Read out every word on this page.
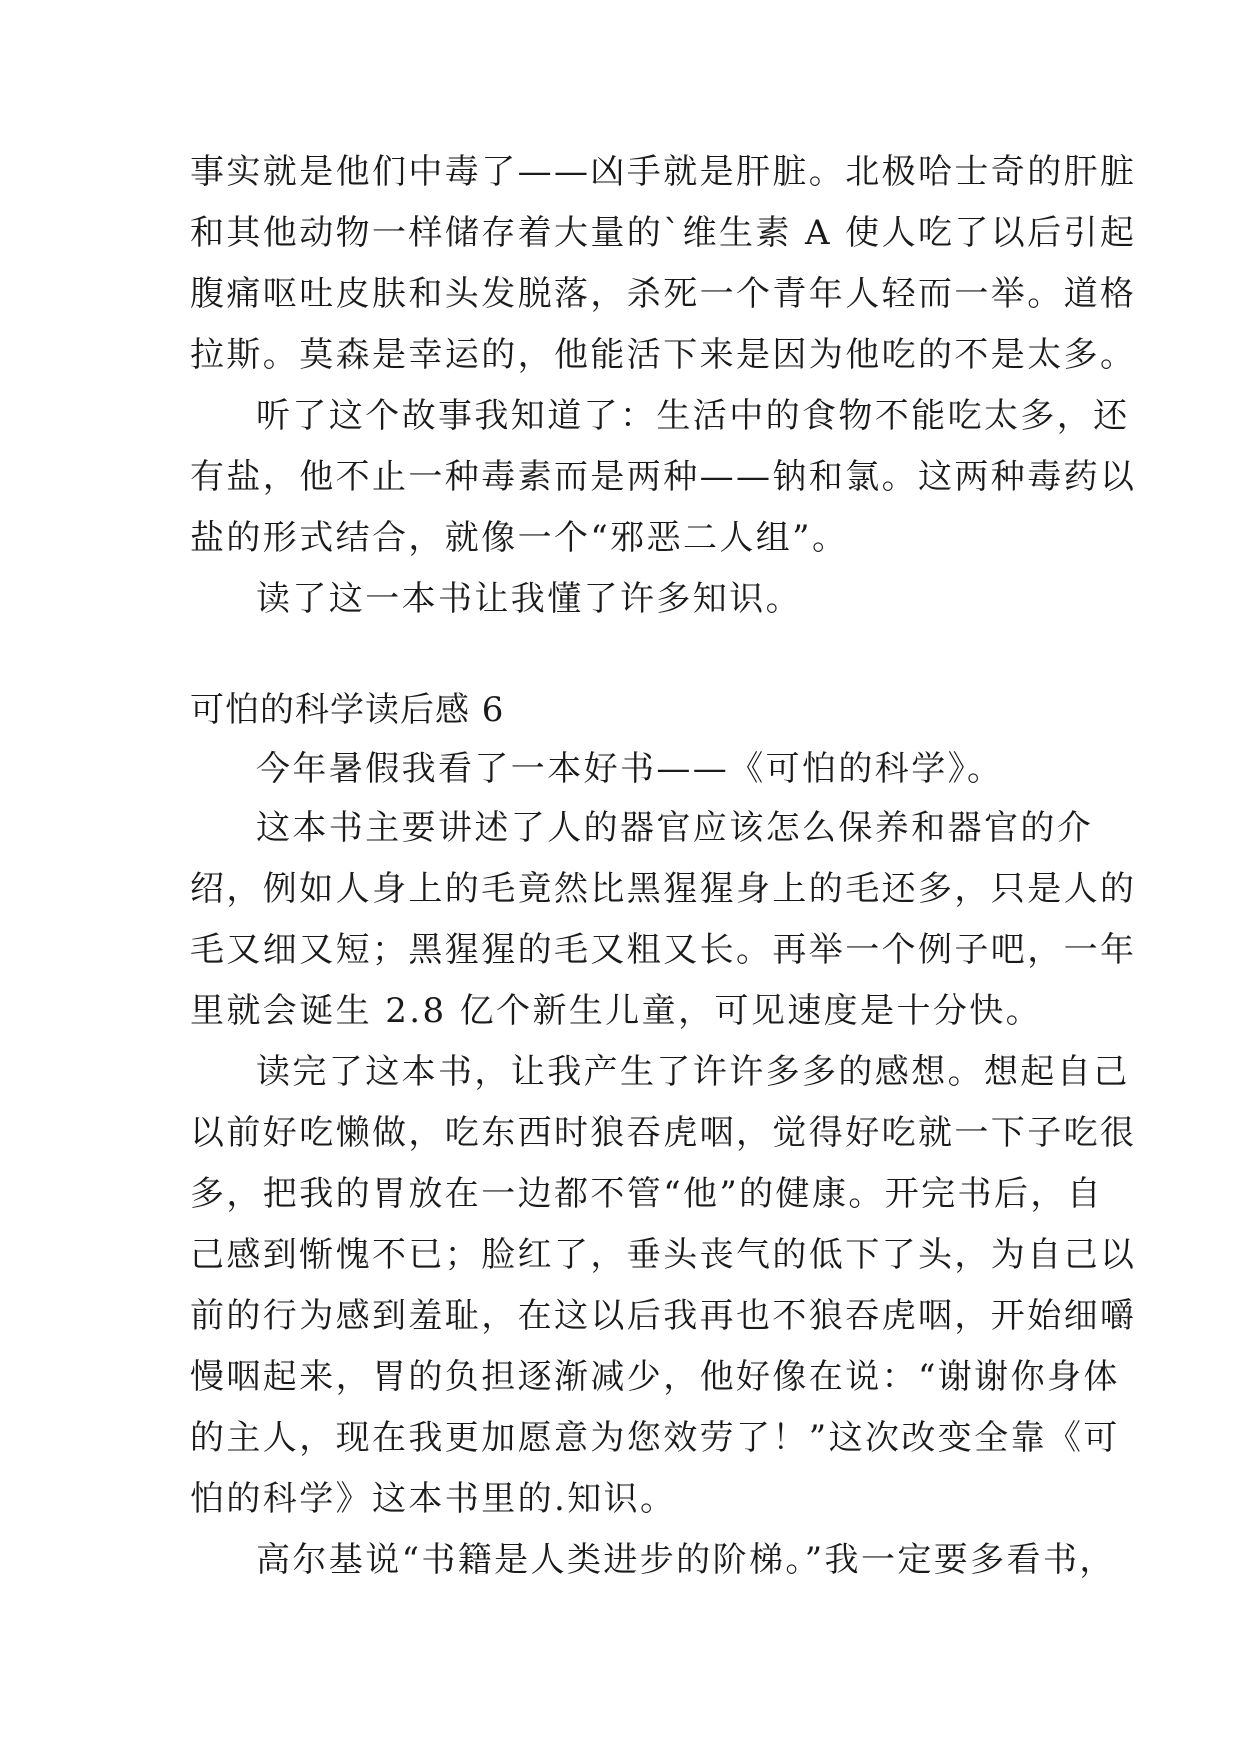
事实就是他们中毒了——凶手就是肝脏。北极哈士奇的肝脏
和其他动物一样储存着大量的`维生素 A 使人吃了以后引起
腹痛呕吐皮肤和头发脱落，杀死一个青年人轻而一举。道格
拉斯。莫森是幸运的，他能活下来是因为他吃的不是太多。
听了这个故事我知道了：生活中的食物不能吃太多，还
有盐，他不止一种毒素而是两种——钠和氯。这两种毒药以
盐的形式结合，就像一个“邪恶二人组”。
读了这一本书让我懂了许多知识。
可怕的科学读后感 6
今年暑假我看了一本好书——《可怕的科学》。
这本书主要讲述了人的器官应该怎么保养和器官的介
绍，例如人身上的毛竟然比黑猩猩身上的毛还多，只是人的
毛又细又短；黑猩猩的毛又粗又长。再举一个例子吧，一年
里就会诞生 2.8 亿个新生儿童，可见速度是十分快。
读完了这本书，让我产生了许许多多的感想。想起自己
以前好吃懒做，吃东西时狼吞虎咽，觉得好吃就一下子吃很
多，把我的胃放在一边都不管“他”的健康。开完书后，自
己感到惭愧不已；脸红了，垂头丧气的低下了头，为自己以
前的行为感到羞耻，在这以后我再也不狼吞虎咽，开始细嚼
慢咽起来，胃的负担逐渐减少，他好像在说：“谢谢你身体
的主人，现在我更加愿意为您效劳了！”这次改变全靠《可
怕的科学》这本书里的.知识。
高尔基说“书籍是人类进步的阶梯。”我一定要多看书，
